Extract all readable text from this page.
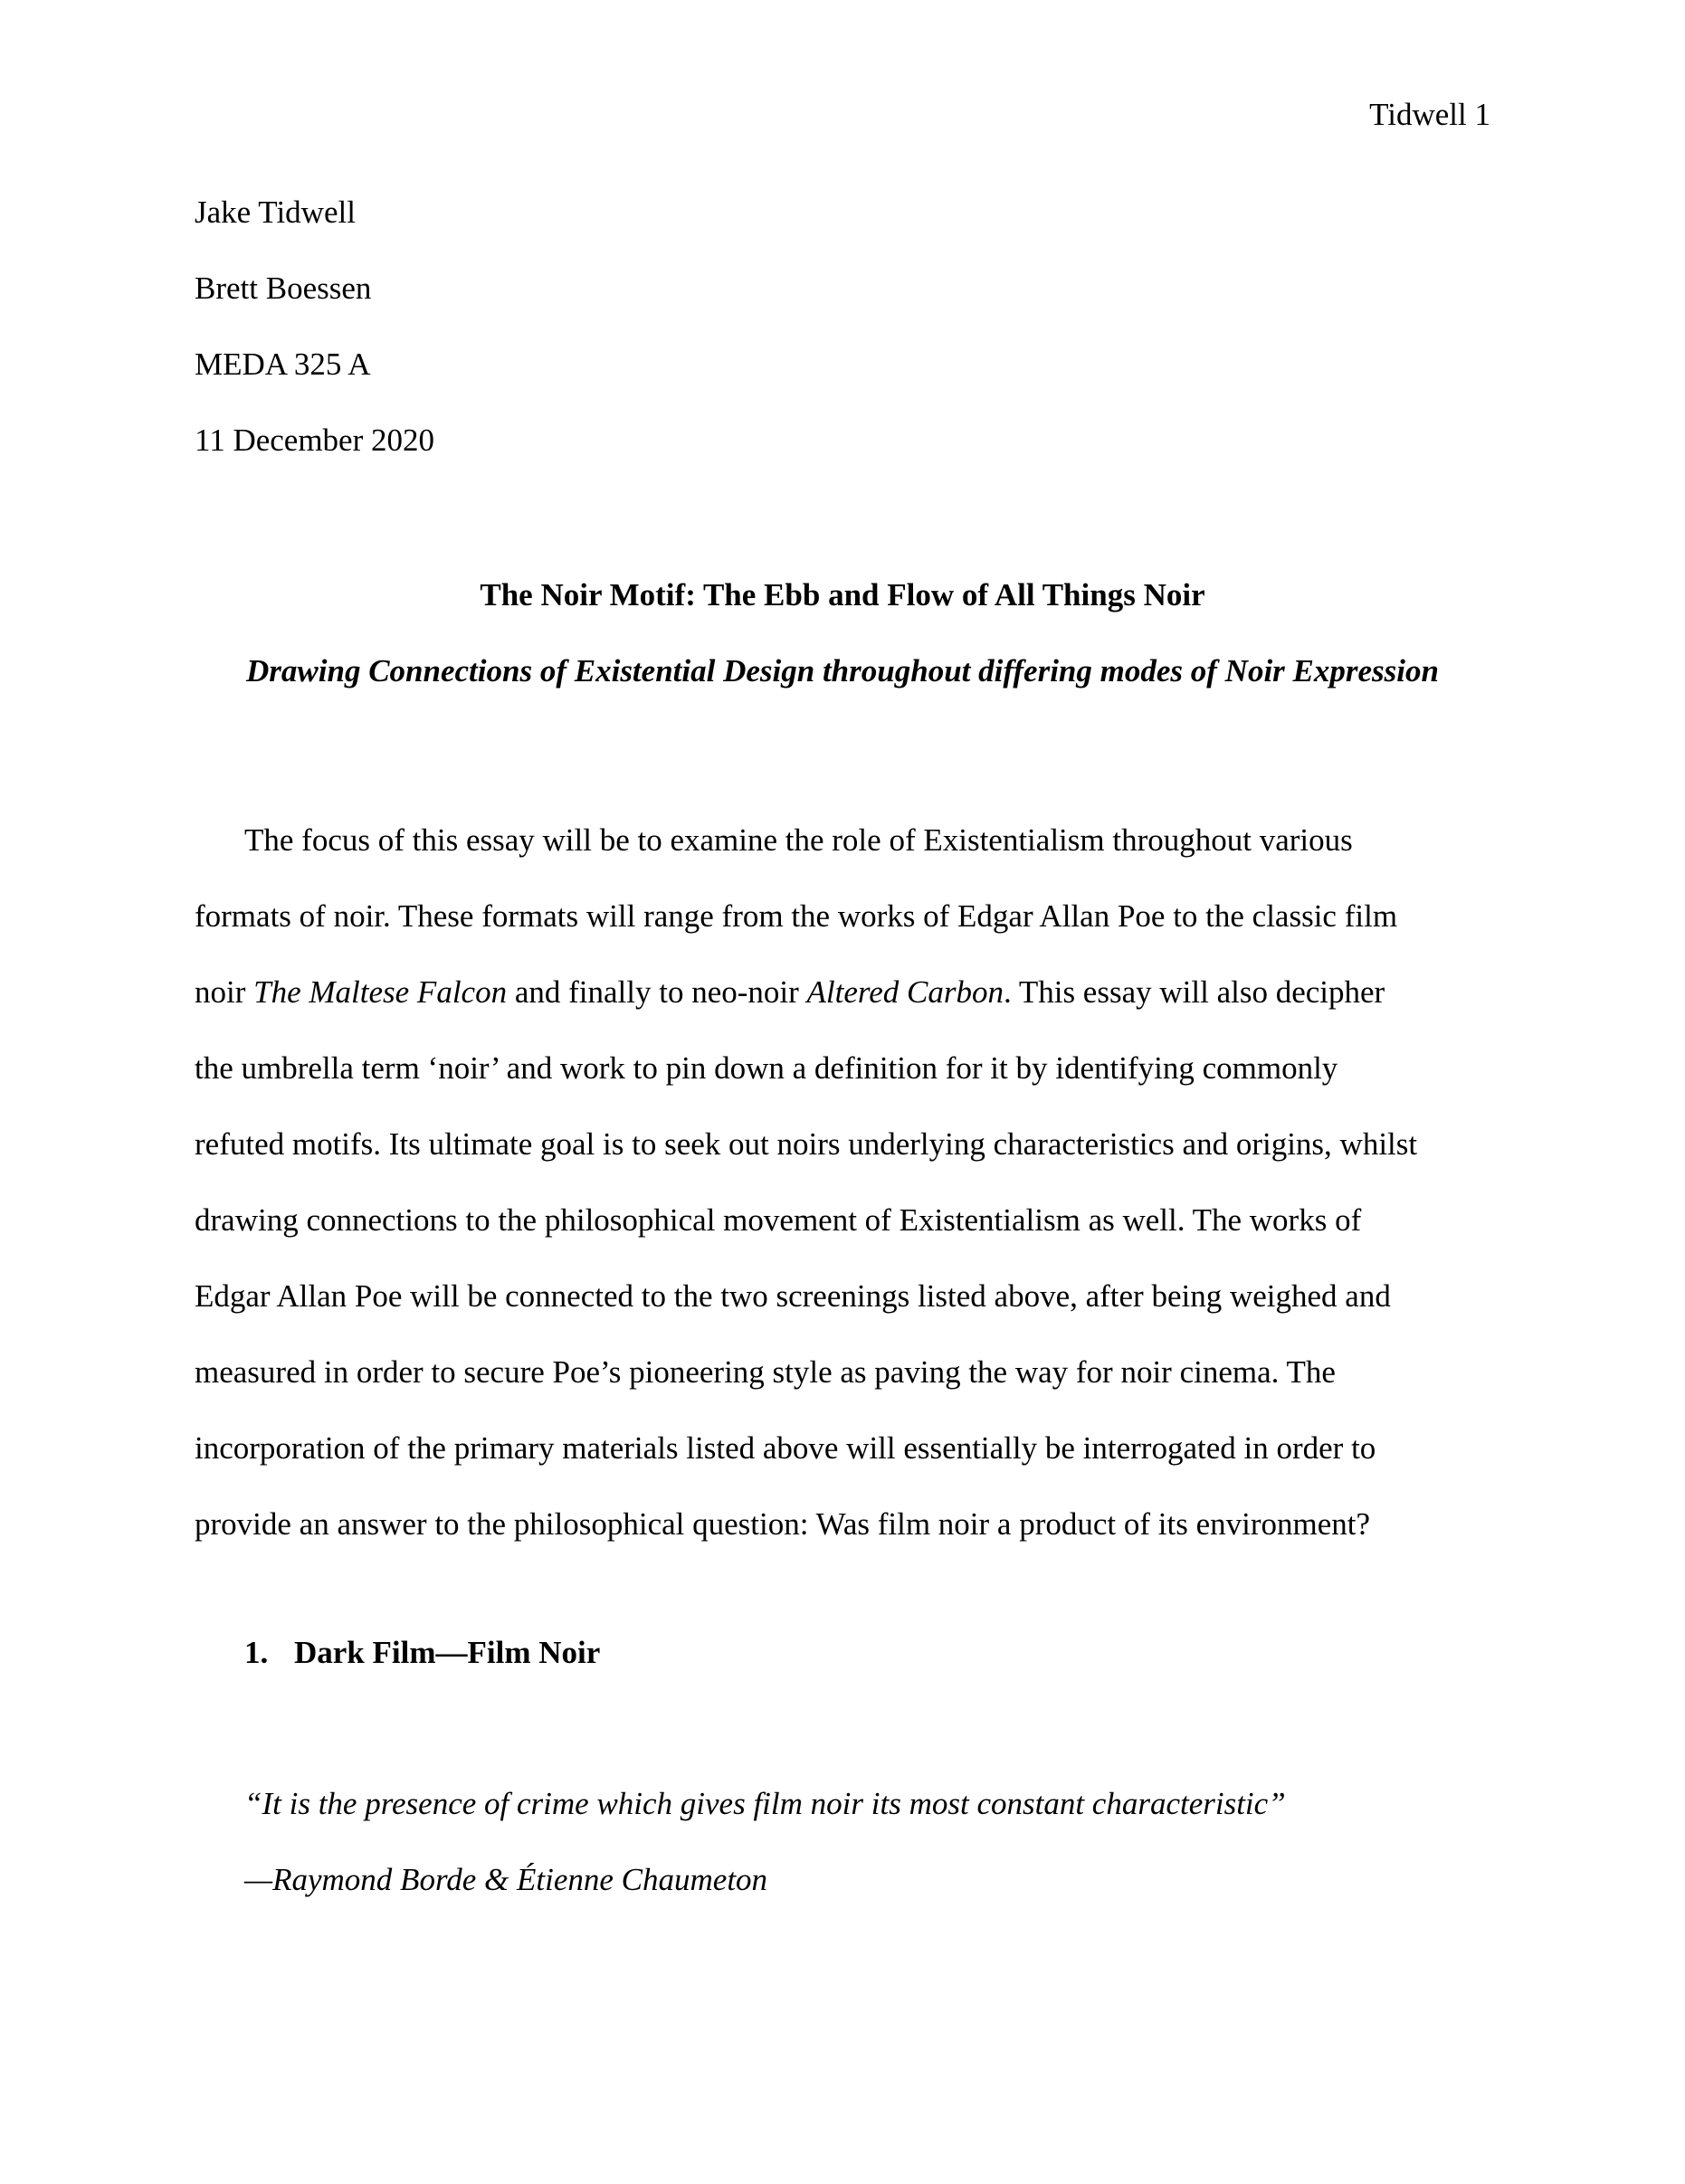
Tidwell 1
Jake Tidwell
Brett Boessen
MEDA 325 A
11 December 2020
The Noir Motif: The Ebb and Flow of All Things Noir
Drawing Connections of Existential Design throughout differing modes of Noir Expression
The focus of this essay will be to examine the role of Existentialism throughout various
formats of noir. These formats will range from the works of Edgar Allan Poe to the classic film
noir The Maltese Falcon and finally to neo-noir Altered Carbon. This essay will also decipher
the umbrella term ‘noir’ and work to pin down a definition for it by identifying commonly
refuted motifs. Its ultimate goal is to seek out noirs underlying characteristics and origins, whilst
drawing connections to the philosophical movement of Existentialism as well. The works of
Edgar Allan Poe will be connected to the two screenings listed above, after being weighed and
measured in order to secure Poe’s pioneering style as paving the way for noir cinema. The
incorporation of the primary materials listed above will essentially be interrogated in order to
provide an answer to the philosophical question: Was film noir a product of its environment?
1. Dark Film—Film Noir
“It is the presence of crime which gives film noir its most constant characteristic”
—Raymond Borde & Étienne Chaumeton
